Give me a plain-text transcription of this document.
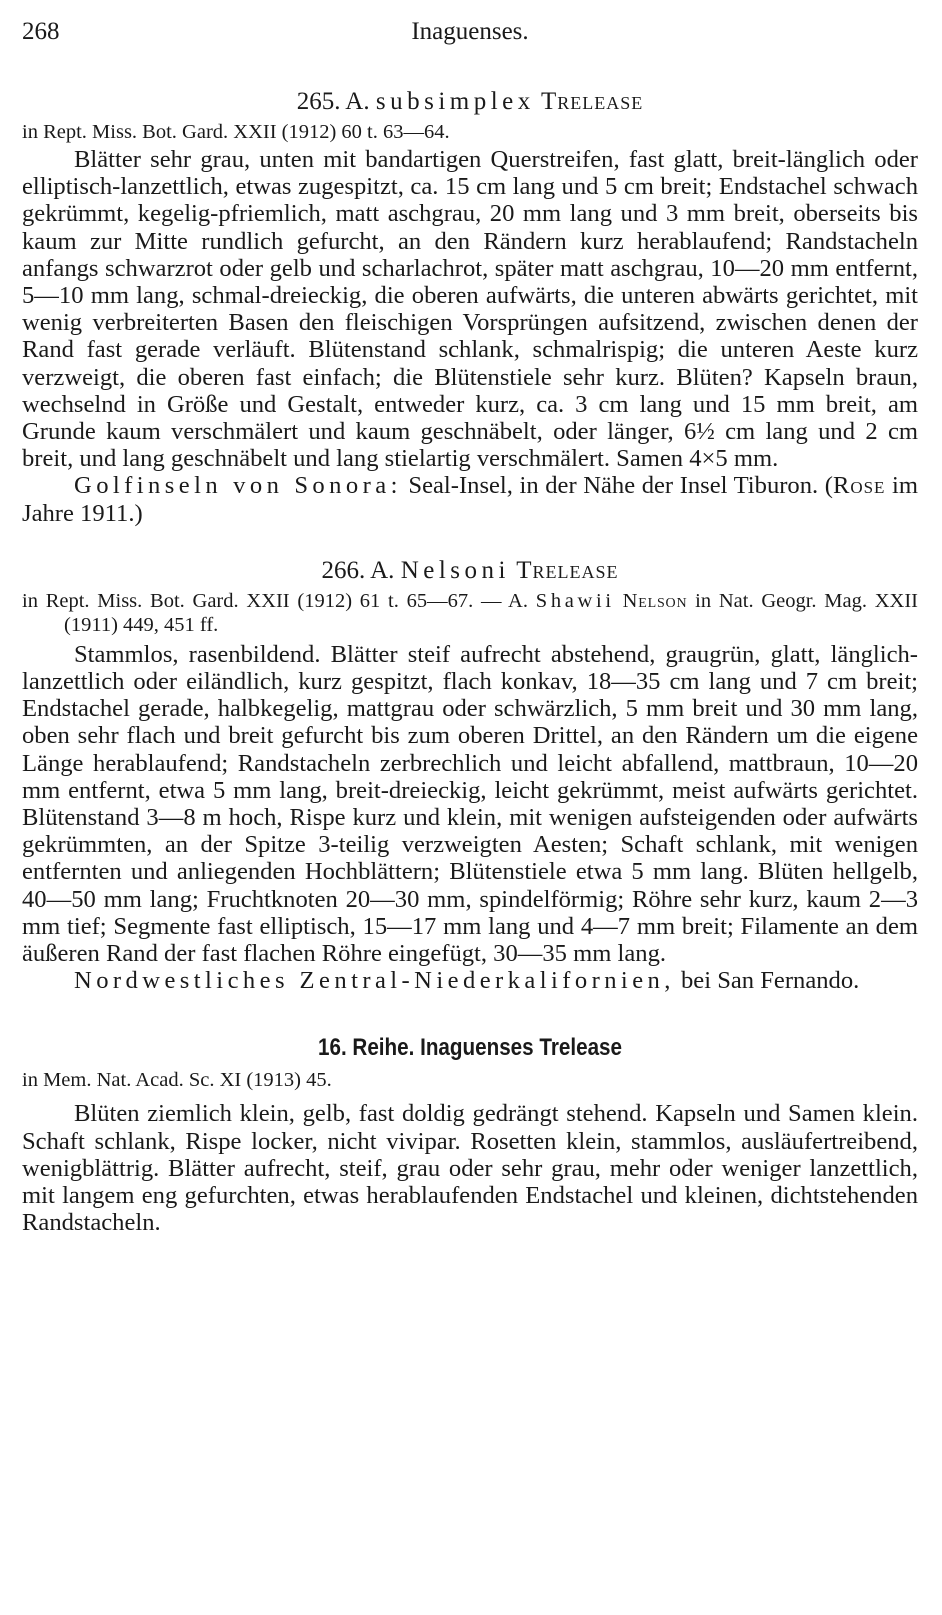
268	Inaguenses.

265. A. subsimplex Trelease

in Rept. Miss. Bot. Gard. XXII (1912) 60 t. 63—64.

Blätter sehr grau, unten mit bandartigen Querstreifen, fast glatt, breit-länglich oder elliptisch-lanzettlich, etwas zugespitzt, ca. 15 cm lang und 5 cm breit; Endstachel schwach gekrümmt, kegelig-pfriemlich, matt aschgrau, 20 mm lang und 3 mm breit, oberseits bis kaum zur Mitte rundlich gefurcht, an den Rändern kurz herablaufend; Randstacheln anfangs schwarzrot oder gelb und scharlachrot, später matt aschgrau, 10—20 mm entfernt, 5—10 mm lang, schmal-dreieckig, die oberen aufwärts, die unteren abwärts gerichtet, mit wenig verbreiterten Basen den fleischigen Vorsprüngen aufsitzend, zwischen denen der Rand fast gerade verläuft. Blütenstand schlank, schmalrispig; die unteren Aeste kurz verzweigt, die oberen fast einfach; die Blütenstiele sehr kurz. Blüten? Kapseln braun, wechselnd in Größe und Gestalt, entweder kurz, ca. 3 cm lang und 15 mm breit, am Grunde kaum verschmälert und kaum geschnäbelt, oder länger, 6½ cm lang und 2 cm breit, und lang geschnäbelt und lang stielartig verschmälert. Samen 4×5 mm.

Golfinseln von Sonora: Seal-Insel, in der Nähe der Insel Tiburon. (Rose im Jahre 1911.)

266. A. Nelsoni Trelease

in Rept. Miss. Bot. Gard. XXII (1912) 61 t. 65—67. — A. Shawii Nelson in Nat. Geogr. Mag. XXII (1911) 449, 451 ff.

Stammlos, rasenbildend. Blätter steif aufrecht abstehend, graugrün, glatt, länglich-lanzettlich oder eiländlich, kurz gespitzt, flach konkav, 18—35 cm lang und 7 cm breit; Endstachel gerade, halbkegelig, mattgrau oder schwärzlich, 5 mm breit und 30 mm lang, oben sehr flach und breit gefurcht bis zum oberen Drittel, an den Rändern um die eigene Länge herablaufend; Randstacheln zerbrechlich und leicht abfallend, mattbraun, 10—20 mm entfernt, etwa 5 mm lang, breit-dreieckig, leicht gekrümmt, meist aufwärts gerichtet. Blütenstand 3—8 m hoch, Rispe kurz und klein, mit wenigen aufsteigenden oder aufwärts gekrümmten, an der Spitze 3-teilig verzweigten Aesten; Schaft schlank, mit wenigen entfernten und anliegenden Hochblättern; Blütenstiele etwa 5 mm lang. Blüten hellgelb, 40—50 mm lang; Fruchtknoten 20—30 mm, spindelförmig; Röhre sehr kurz, kaum 2—3 mm tief; Segmente fast elliptisch, 15—17 mm lang und 4—7 mm breit; Filamente an dem äußeren Rand der fast flachen Röhre eingefügt, 30—35 mm lang.

Nordwestliches Zentral-Niederkalifornien, bei San Fernando.

16. Reihe. Inaguenses Trelease

in Mem. Nat. Acad. Sc. XI (1913) 45.

Blüten ziemlich klein, gelb, fast doldig gedrängt stehend. Kapseln und Samen klein. Schaft schlank, Rispe locker, nicht vivipar. Rosetten klein, stammlos, ausläufertreibend, wenigblättrig. Blätter aufrecht, steif, grau oder sehr grau, mehr oder weniger lanzettlich, mit langem eng gefurchten, etwas herablaufenden Endstachel und kleinen, dichtstehenden Randstacheln.
